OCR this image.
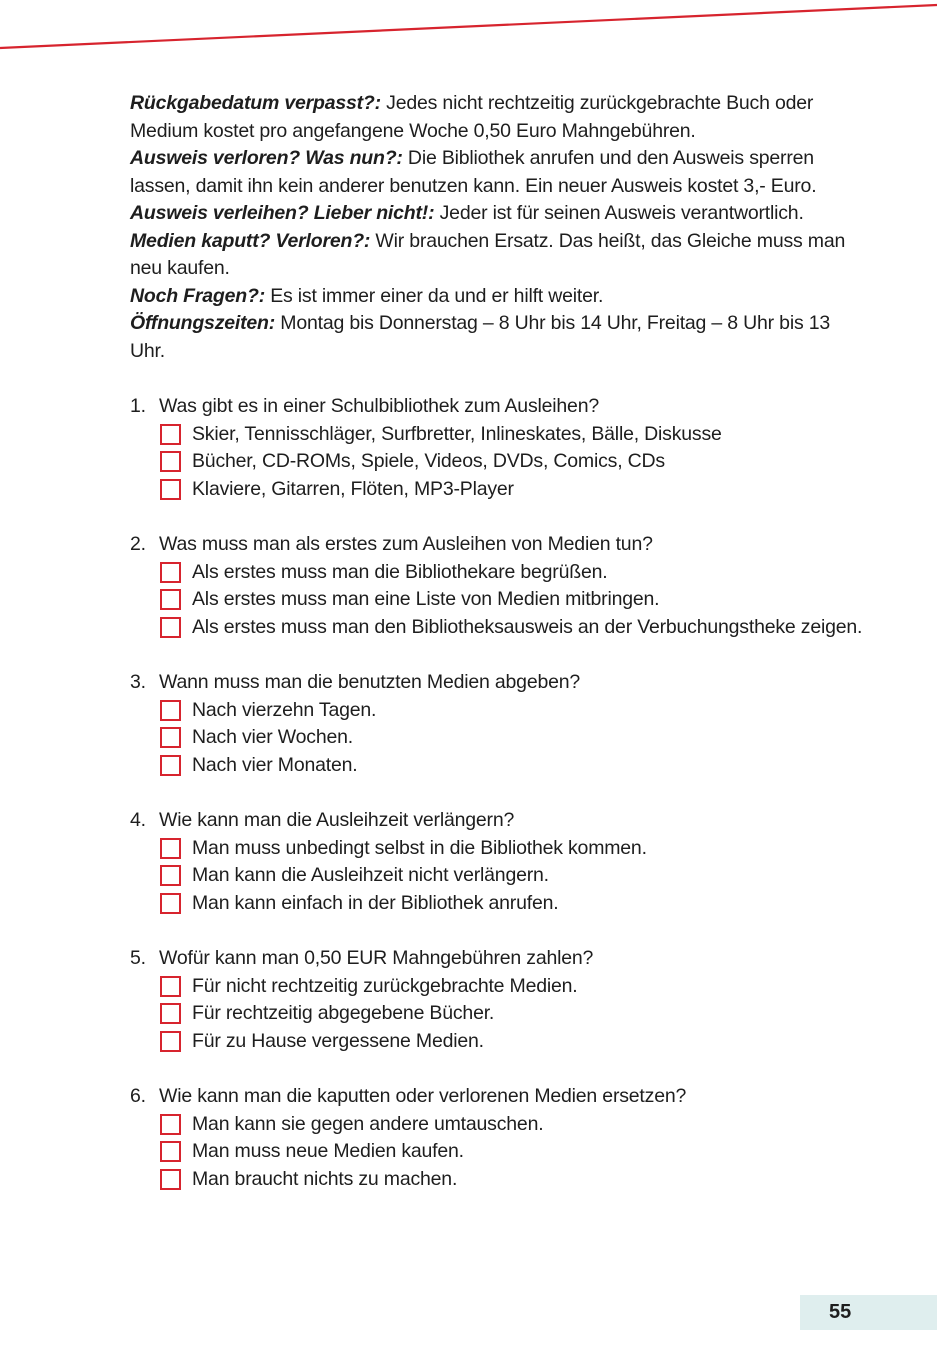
Rückgabedatum verpasst?: Jedes nicht rechtzeitig zurückgebrachte Buch oder Medium kostet pro angefangene Woche 0,50 Euro Mahngebühren.

Ausweis verloren? Was nun?: Die Bibliothek anrufen und den Ausweis sperren lassen, damit ihn kein anderer benutzen kann. Ein neuer Ausweis kostet 3,- Euro.

Ausweis verleihen? Lieber nicht!: Jeder ist für seinen Ausweis verantwortlich.

Medien kaputt? Verloren?: Wir brauchen Ersatz. Das heißt, das Gleiche muss man neu kaufen.

Noch Fragen?: Es ist immer einer da und er hilft weiter.

Öffnungszeiten: Montag bis Donnerstag – 8 Uhr bis 14 Uhr, Freitag – 8 Uhr bis 13 Uhr.

1. Was gibt es in einer Schulbibliothek zum Ausleihen?
Skier, Tennisschläger, Surfbretter, Inlineskates, Bälle, Diskusse
Bücher, CD-ROMs, Spiele, Videos, DVDs, Comics, CDs
Klaviere, Gitarren, Flöten, MP3-Player
2. Was muss man als erstes zum Ausleihen von Medien tun?
Als erstes muss man die Bibliothekare begrüßen.
Als erstes muss man eine Liste von Medien mitbringen.
Als erstes muss man den Bibliotheksausweis an der Verbuchungstheke zeigen.
3. Wann muss man die benutzten Medien abgeben?
Nach vierzehn Tagen.
Nach vier Wochen.
Nach vier Monaten.
4. Wie kann man die Ausleihzeit verlängern?
Man muss unbedingt selbst in die Bibliothek kommen.
Man kann die Ausleihzeit nicht verlängern.
Man kann einfach in der Bibliothek anrufen.
5. Wofür kann man 0,50 EUR Mahngebühren zahlen?
Für nicht rechtzeitig zurückgebrachte Medien.
Für rechtzeitig abgegebene Bücher.
Für zu Hause vergessene Medien.
6. Wie kann man die kaputten oder verlorenen Medien ersetzen?
Man kann sie gegen andere umtauschen.
Man muss neue Medien kaufen.
Man braucht nichts zu machen.
55
